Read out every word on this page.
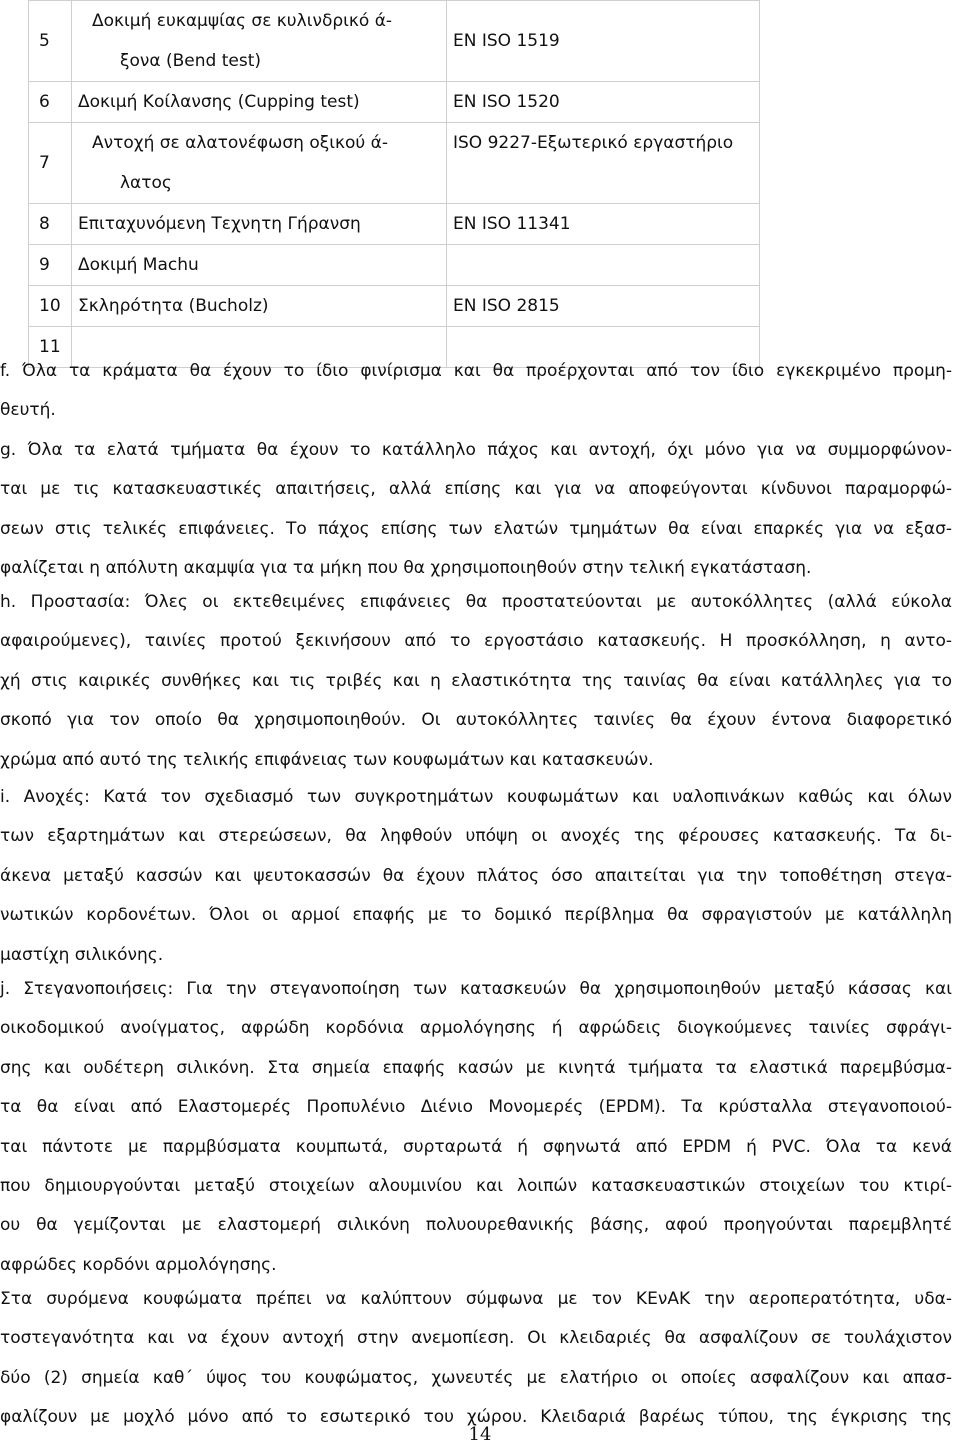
5	Δοκιμή ευκαμψίας σε κυλινδρικό ά-
ξονα (Bend test)	EN ISO 1519
6	Δοκιμή Κοίλανσης (Cupping test)	EN ISO 1520
7	Αντοχή σε αλατονέφωση οξικού ά-
λατος	ISO 9227-Εξωτερικό εργαστήριο
8	Επιταχυνόμενη Τεχνητη Γήρανση	EN ISO 11341
9	Δοκιμή Machu	
10	Σκληρότητα (Bucholz)	EN ISO 2815
11		
f. Όλα τα κράματα θα έχουν το ίδιο φινίρισμα και θα προέρχονται από τον ίδιο εγκεκριμένο προμη-
θευτή.
g. Όλα τα ελατά τμήματα θα έχουν το κατάλληλο πάχος και αντοχή, όχι μόνο για να συμμορφώνον-
ται με τις κατασκευαστικές απαιτήσεις, αλλά επίσης και για να αποφεύγονται κίνδυνοι παραμορφώ-
σεων στις τελικές επιφάνειες. Το πάχος επίσης των ελατών τμημάτων θα είναι επαρκές για να εξασ-
φαλίζεται η απόλυτη ακαμψία για τα μήκη που θα χρησιμοποιηθούν στην τελική εγκατάσταση.
h. Προστασία: Όλες οι εκτεθειμένες επιφάνειες θα προστατεύονται με αυτοκόλλητες (αλλά εύκολα
αφαιρούμενες), ταινίες προτού ξεκινήσουν από το εργοστάσιο κατασκευής. Η προσκόλληση, η αντο-
χή στις καιρικές συνθήκες και τις τριβές και η ελαστικότητα της ταινίας θα είναι κατάλληλες για το
σκοπό για τον οποίο θα χρησιμοποιηθούν. Οι αυτοκόλλητες ταινίες θα έχουν έντονα διαφορετικό
χρώμα από αυτό της τελικής επιφάνειας των κουφωμάτων και κατασκευών.
i. Ανοχές: Κατά τον σχεδιασμό των συγκροτημάτων κουφωμάτων και υαλοπινάκων καθώς και όλων
των εξαρτημάτων και στερεώσεων, θα ληφθούν υπόψη οι ανοχές της φέρουσες κατασκευής. Τα δι-
άκενα μεταξύ κασσών και ψευτοκασσών θα έχουν πλάτος όσο απαιτείται για την τοποθέτηση στεγα-
νωτικών κορδονέτων. Όλοι οι αρμοί επαφής με το δομικό περίβλημα θα σφραγιστούν με κατάλληλη
μαστίχη σιλικόνης.
j. Στεγανοποιήσεις: Για την στεγανοποίηση των κατασκευών θα χρησιμοποιηθούν μεταξύ κάσσας και
οικοδομικού ανοίγματος, αφρώδη κορδόνια αρμολόγησης ή αφρώδεις διογκούμενες ταινίες σφράγι-
σης και ουδέτερη σιλικόνη. Στα σημεία επαφής κασών με κινητά τμήματα τα ελαστικά παρεμβύσμα-
τα θα είναι από Ελαστομερές Προπυλένιο Διένιο Μονομερές (EPDM). Τα κρύσταλλα στεγανοποιού-
ται πάντοτε με παρμβύσματα κουμπωτά, συρταρωτά ή σφηνωτά από EPDM ή PVC. Όλα τα κενά
που δημιουργούνται μεταξύ στοιχείων αλουμινίου και λοιπών κατασκευαστικών στοιχείων του κτιρί-
ου θα γεμίζονται με ελαστομερή σιλικόνη πολυουρεθανικής βάσης, αφού προηγούνται παρεμβλητέ
αφρώδες κορδόνι αρμολόγησης.
Στα συρόμενα κουφώματα πρέπει να καλύπτουν σύμφωνα με τον ΚΕνΑΚ την αεροπερατότητα, υδα-
τοστεγανότητα και να έχουν αντοχή στην ανεμοπίεση. Οι κλειδαριές θα ασφαλίζουν σε τουλάχιστον
δύο (2) σημεία καθ΄ ύψος του κουφώματος, χωνευτές με ελατήριο οι οποίες ασφαλίζουν και απασ-
φαλίζουν με μοχλό μόνο από το εσωτερικό του χώρου. Κλειδαριά βαρέως τύπου, της έγκρισης της
14
